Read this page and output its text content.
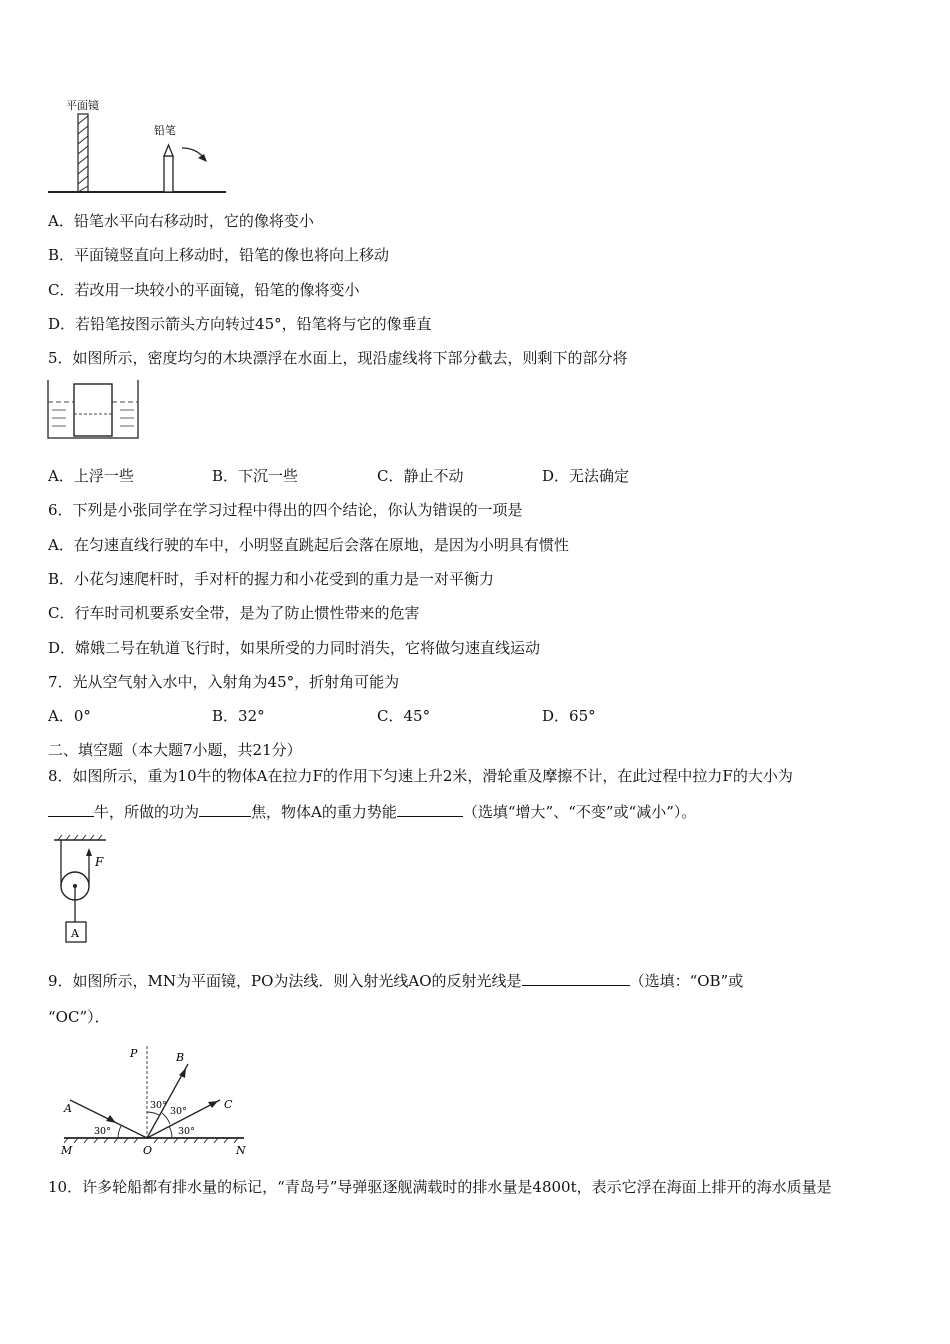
平面镜
铅笔
A．铅笔水平向右移动时，它的像将变小
B．平面镜竖直向上移动时，铅笔的像也将向上移动
C．若改用一块较小的平面镜，铅笔的像将变小
D．若铅笔按图示箭头方向转过45°，铅笔将与它的像垂直
5．如图所示，密度均匀的木块漂浮在水面上，现沿虚线将下部分截去，则剩下的部分将
A．上浮一些	B．下沉一些	C．静止不动	D．无法确定
6．下列是小张同学在学习过程中得出的四个结论，你认为错误的一项是
A．在匀速直线行驶的车中，小明竖直跳起后会落在原地，是因为小明具有惯性
B．小花匀速爬杆时，手对杆的握力和小花受到的重力是一对平衡力
C．行车时司机要系安全带，是为了防止惯性带来的危害
D．嫦娥二号在轨道飞行时，如果所受的力同时消失，它将做匀速直线运动
7．光从空气射入水中，入射角为45°，折射角可能为
A．0°	B．32°	C．45°	D．65°
二、填空题（本大题7小题，共21分）
8．如图所示，重为10牛的物体A在拉力F的作用下匀速上升2米，滑轮重及摩擦不计，在此过程中拉力F的大小为
牛，所做的功为	焦，物体A的重力势能	（选填“增大”、“不变”或“减小”）。
F
A
9．如图所示，MN为平面镜，PO为法线．则入射光线AO的反射光线是	（选填：“OB”或
“OC”）．
P	B
A	C
30°
30°
30°
30°
M	O	N
10．许多轮船都有排水量的标记，“青岛号”导弹驱逐舰满载时的排水量是4800t，表示它浮在海面上排开的海水质量是
